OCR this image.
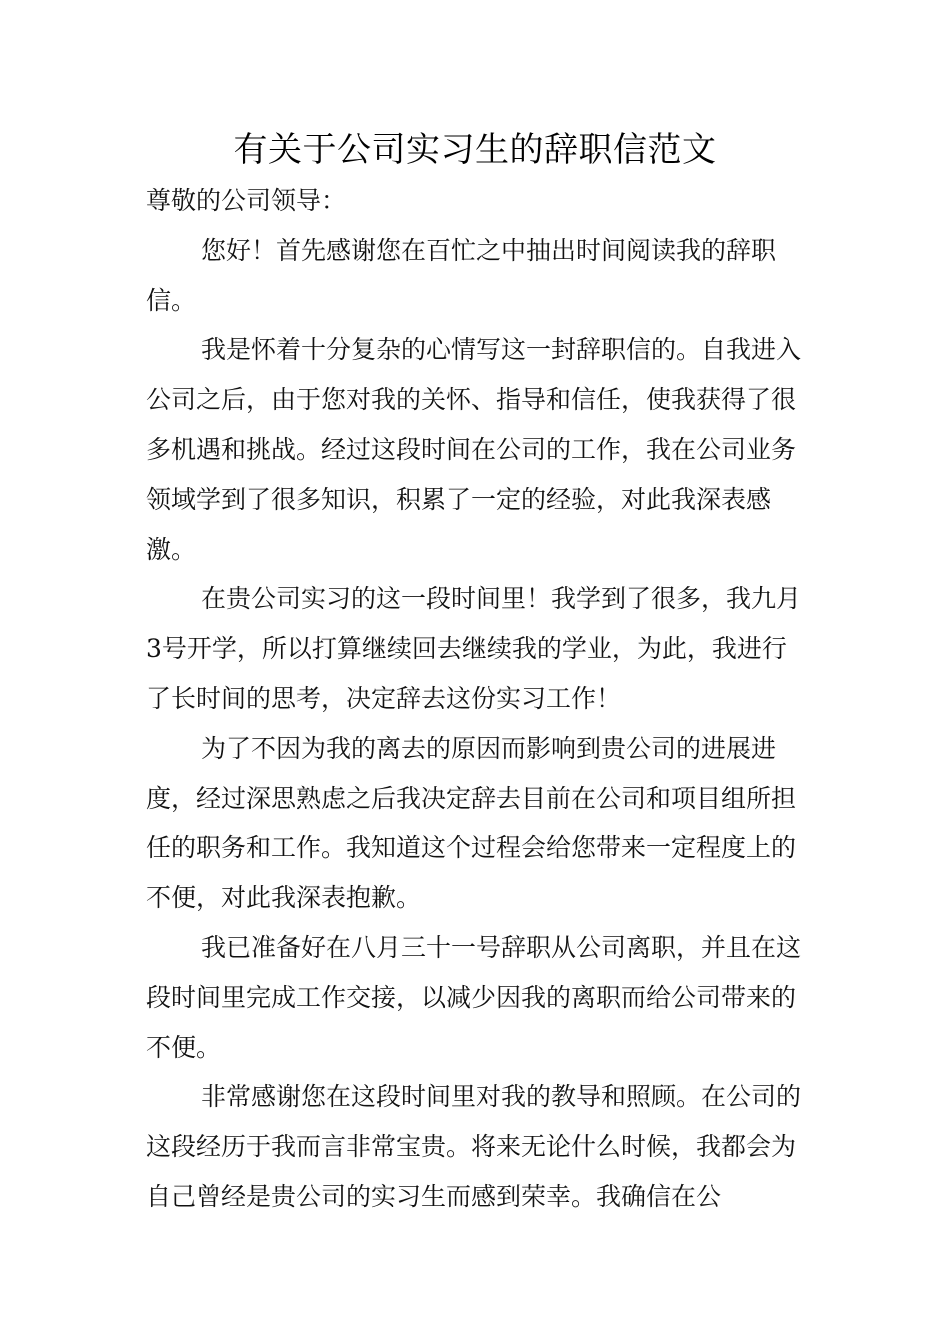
有关于公司实习生的辞职信范文

尊敬的公司领导：

您好！首先感谢您在百忙之中抽出时间阅读我的辞职信。

我是怀着十分复杂的心情写这一封辞职信的。自我进入公司之后，由于您对我的关怀、指导和信任，使我获得了很多机遇和挑战。经过这段时间在公司的工作，我在公司业务领域学到了很多知识，积累了一定的经验，对此我深表感激。

在贵公司实习的这一段时间里！我学到了很多，我九月3号开学，所以打算继续回去继续我的学业，为此，我进行了长时间的思考，决定辞去这份实习工作！

为了不因为我的离去的原因而影响到贵公司的进展进度，经过深思熟虑之后我决定辞去目前在公司和项目组所担任的职务和工作。我知道这个过程会给您带来一定程度上的不便，对此我深表抱歉。

我已准备好在八月三十一号辞职从公司离职，并且在这段时间里完成工作交接，以减少因我的离职而给公司带来的不便。

非常感谢您在这段时间里对我的教导和照顾。在公司的这段经历于我而言非常宝贵。将来无论什么时候，我都会为自己曾经是贵公司的实习生而感到荣幸。我确信在公
